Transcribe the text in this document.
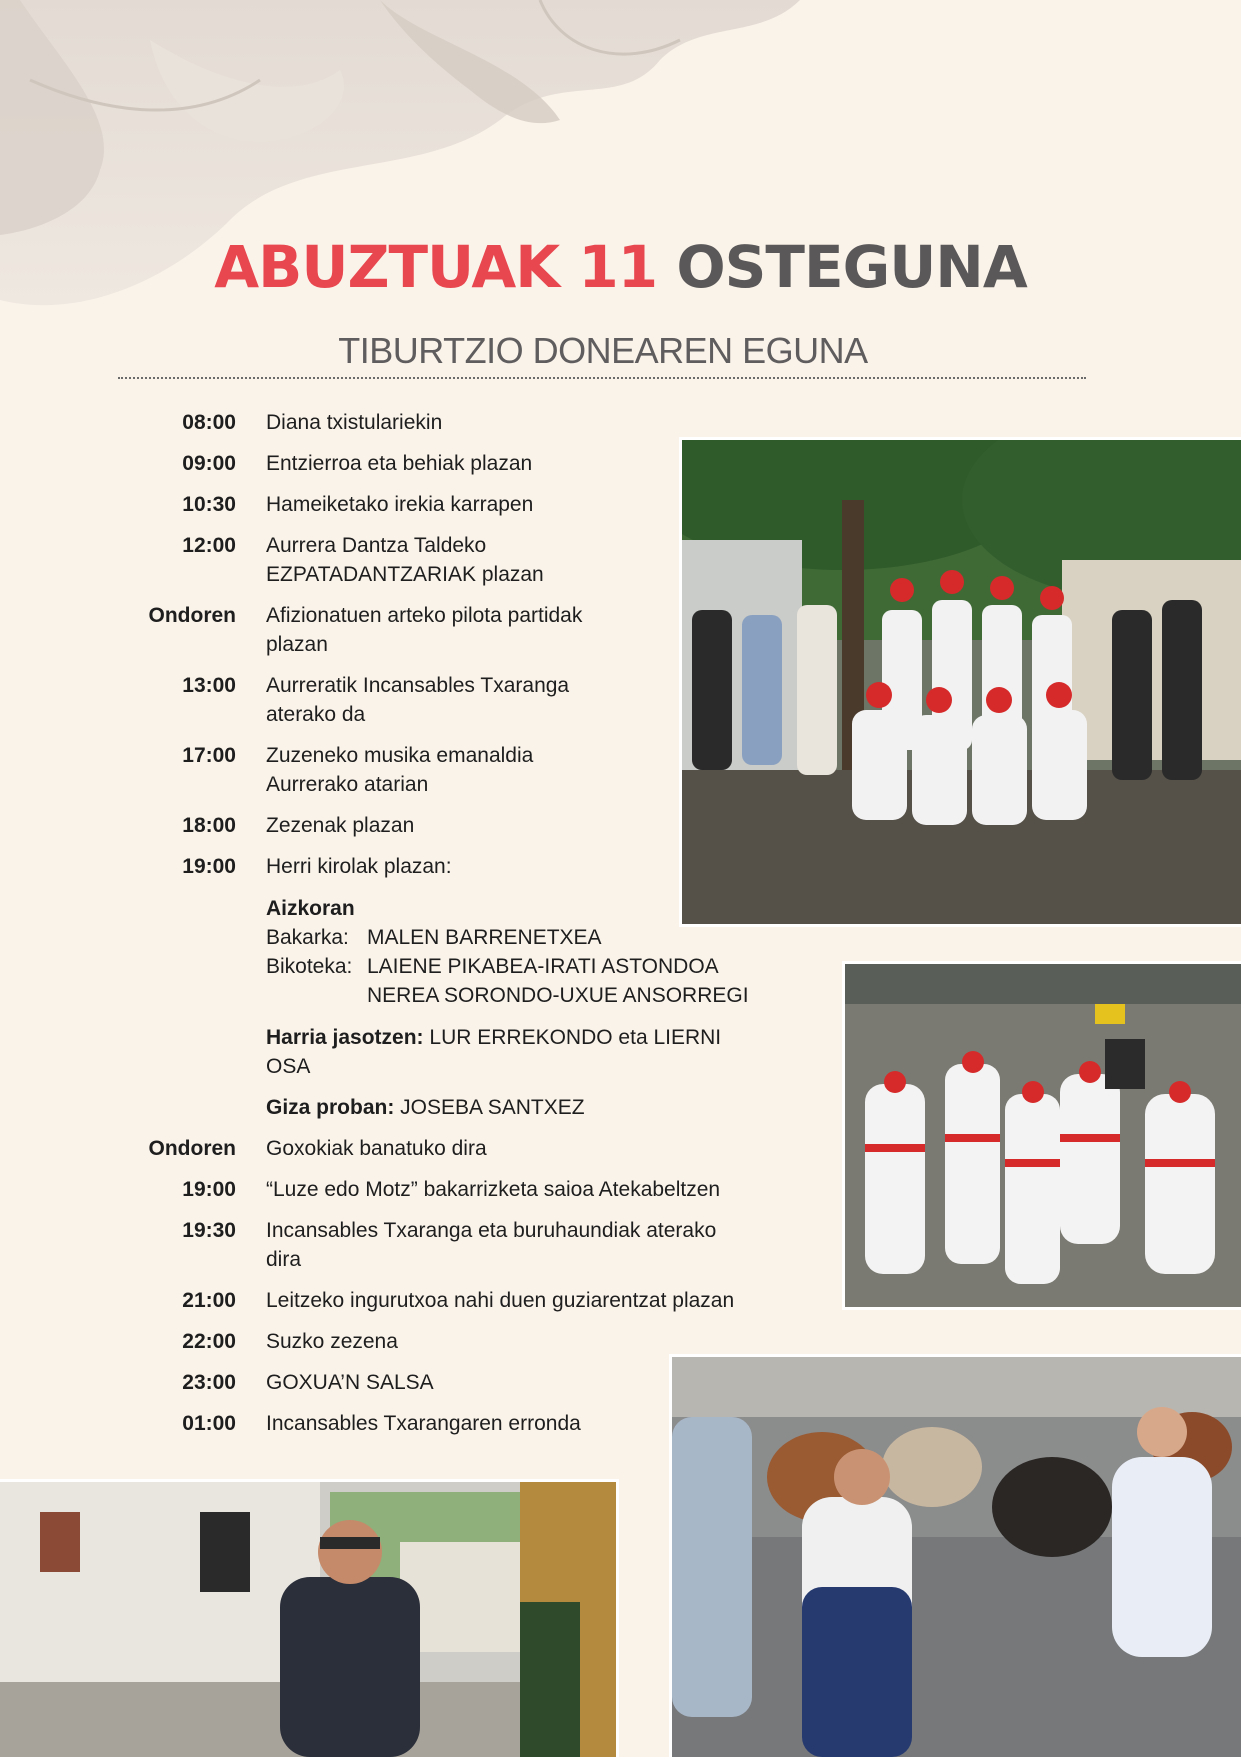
ABUZTUAK 11 OSTEGUNA
TIBURTZIO DONEAREN EGUNA
08:00 Diana txistulariekin
09:00 Entzierroa eta behiak plazan
10:30 Hameiketako irekia karrapen
12:00 Aurrera Dantza Taldeko
EZPATADANTZARIAK plazan
Ondoren Afizionatuen arteko pilota partidak
plazan
13:00 Aurreratik Incansables Txaranga
aterako da
17:00 Zuzeneko musika emanaldia
Aurrerako atarian
18:00 Zezenak plazan
19:00 Herri kirolak plazan:
Aizkoran
Bakarka: MALEN BARRENETXEA
Bikoteka: LAIENE PIKABEA-IRATI ASTONDOA
NEREA SORONDO-UXUE ANSORREGI
Harria jasotzen: LUR ERREKONDO eta LIERNI
OSA
Giza proban: JOSEBA SANTXEZ
Ondoren Goxokiak banatuko dira
19:00 “Luze edo Motz” bakarrizketa saioa Atekabeltzen
19:30 Incansables Txaranga eta buruhaundiak aterako
dira
21:00 Leitzeko ingurutxoa nahi duen guziarentzat plazan
22:00 Suzko zezena
23:00 GOXUA’N SALSA
01:00 Incansables Txarangaren erronda
